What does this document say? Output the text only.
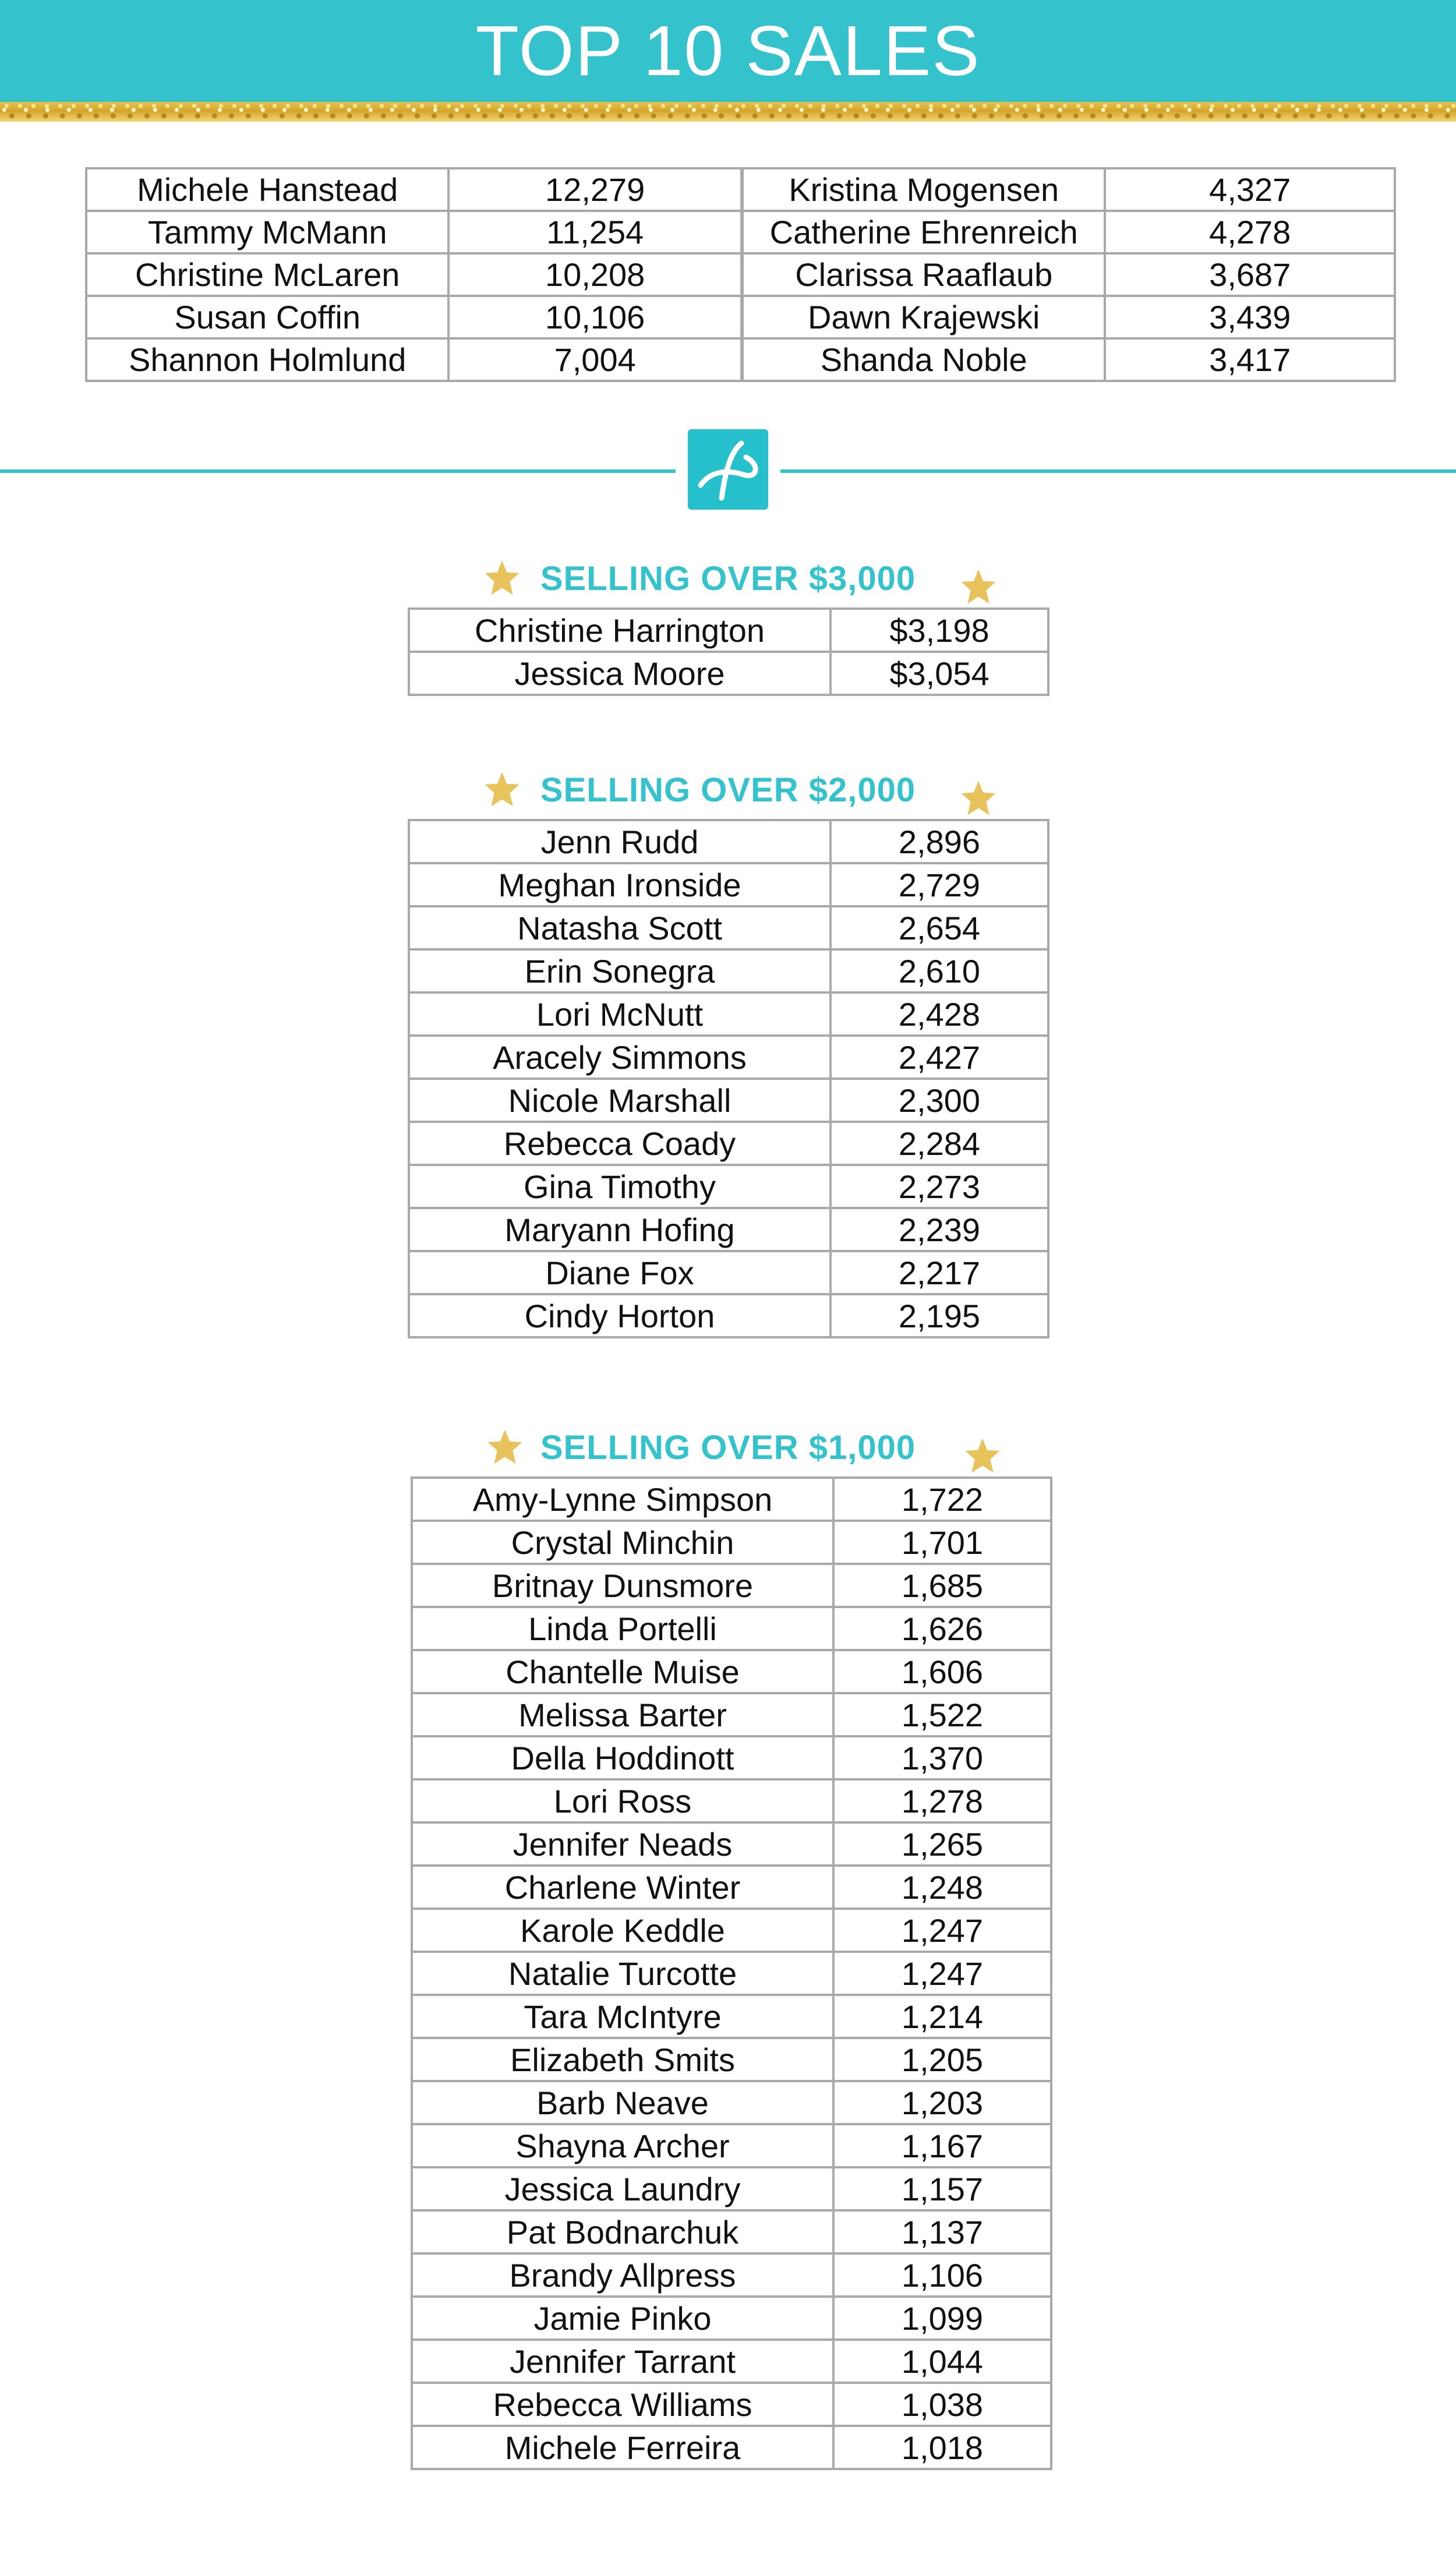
TOP 10 SALES
Michele Hanstead	12,279	Kristina Mogensen	4,327
Tammy McMann	11,254	Catherine Ehrenreich	4,278
Christine McLaren	10,208	Clarissa Raaflaub	3,687
Susan Coffin	10,106	Dawn Krajewski	3,439
Shannon Holmlund	7,004	Shanda Noble	3,417
SELLING OVER $3,000
Christine Harrington	$3,198
Jessica Moore	$3,054
SELLING OVER $2,000
Jenn Rudd	2,896
Meghan Ironside	2,729
Natasha Scott	2,654
Erin Sonegra	2,610
Lori McNutt	2,428
Aracely Simmons	2,427
Nicole Marshall	2,300
Rebecca Coady	2,284
Gina Timothy	2,273
Maryann Hofing	2,239
Diane Fox	2,217
Cindy Horton	2,195
SELLING OVER $1,000
Amy-Lynne Simpson	1,722
Crystal Minchin	1,701
Britnay Dunsmore	1,685
Linda Portelli	1,626
Chantelle Muise	1,606
Melissa Barter	1,522
Della Hoddinott	1,370
Lori Ross	1,278
Jennifer Neads	1,265
Charlene Winter	1,248
Karole Keddle	1,247
Natalie Turcotte	1,247
Tara McIntyre	1,214
Elizabeth Smits	1,205
Barb Neave	1,203
Shayna Archer	1,167
Jessica Laundry	1,157
Pat Bodnarchuk	1,137
Brandy Allpress	1,106
Jamie Pinko	1,099
Jennifer Tarrant	1,044
Rebecca Williams	1,038
Michele Ferreira	1,018
